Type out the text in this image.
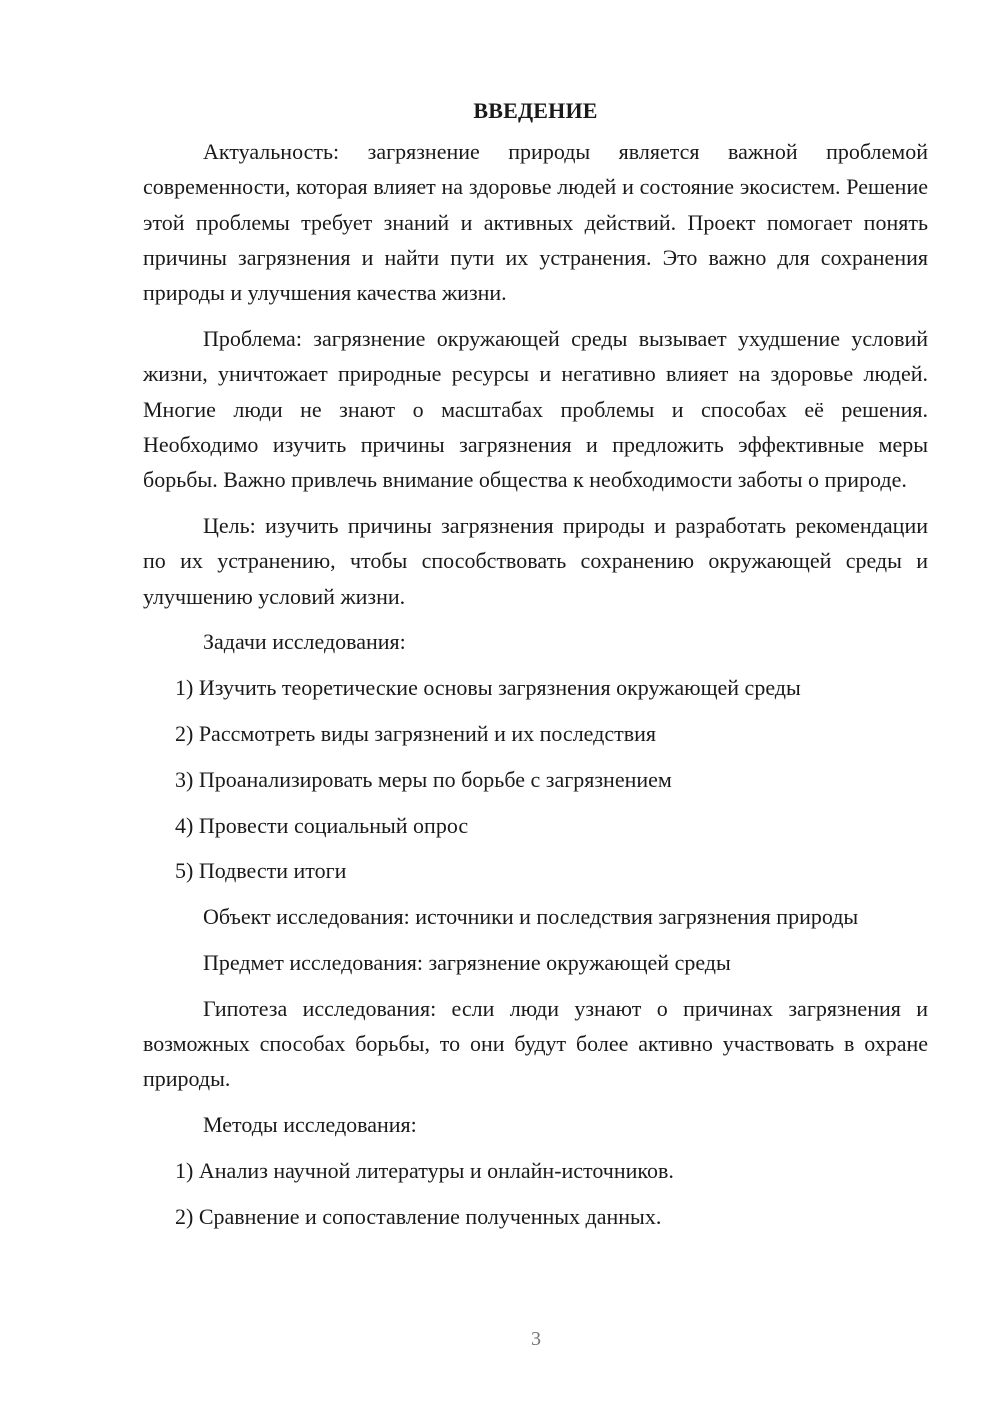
ВВЕДЕНИЕ

Актуальность: загрязнение природы является важной проблемой современности, которая влияет на здоровье людей и состояние экосистем. Решение этой проблемы требует знаний и активных действий. Проект помогает понять причины загрязнения и найти пути их устранения. Это важно для сохранения природы и улучшения качества жизни.

Проблема: загрязнение окружающей среды вызывает ухудшение условий жизни, уничтожает природные ресурсы и негативно влияет на здоровье людей. Многие люди не знают о масштабах проблемы и способах её решения. Необходимо изучить причины загрязнения и предложить эффективные меры борьбы. Важно привлечь внимание общества к необходимости заботы о природе.

Цель: изучить причины загрязнения природы и разработать рекомендации по их устранению, чтобы способствовать сохранению окружающей среды и улучшению условий жизни.

Задачи исследования:

1) Изучить теоретические основы загрязнения окружающей среды
2) Рассмотреть виды загрязнений и их последствия
3) Проанализировать меры по борьбе с загрязнением
4) Провести социальный опрос
5) Подвести итоги

Объект исследования: источники и последствия загрязнения природы

Предмет исследования: загрязнение окружающей среды

Гипотеза исследования: если люди узнают о причинах загрязнения и возможных способах борьбы, то они будут более активно участвовать в охране природы.

Методы исследования:

1) Анализ научной литературы и онлайн-источников.
2) Сравнение и сопоставление полученных данных.
3
